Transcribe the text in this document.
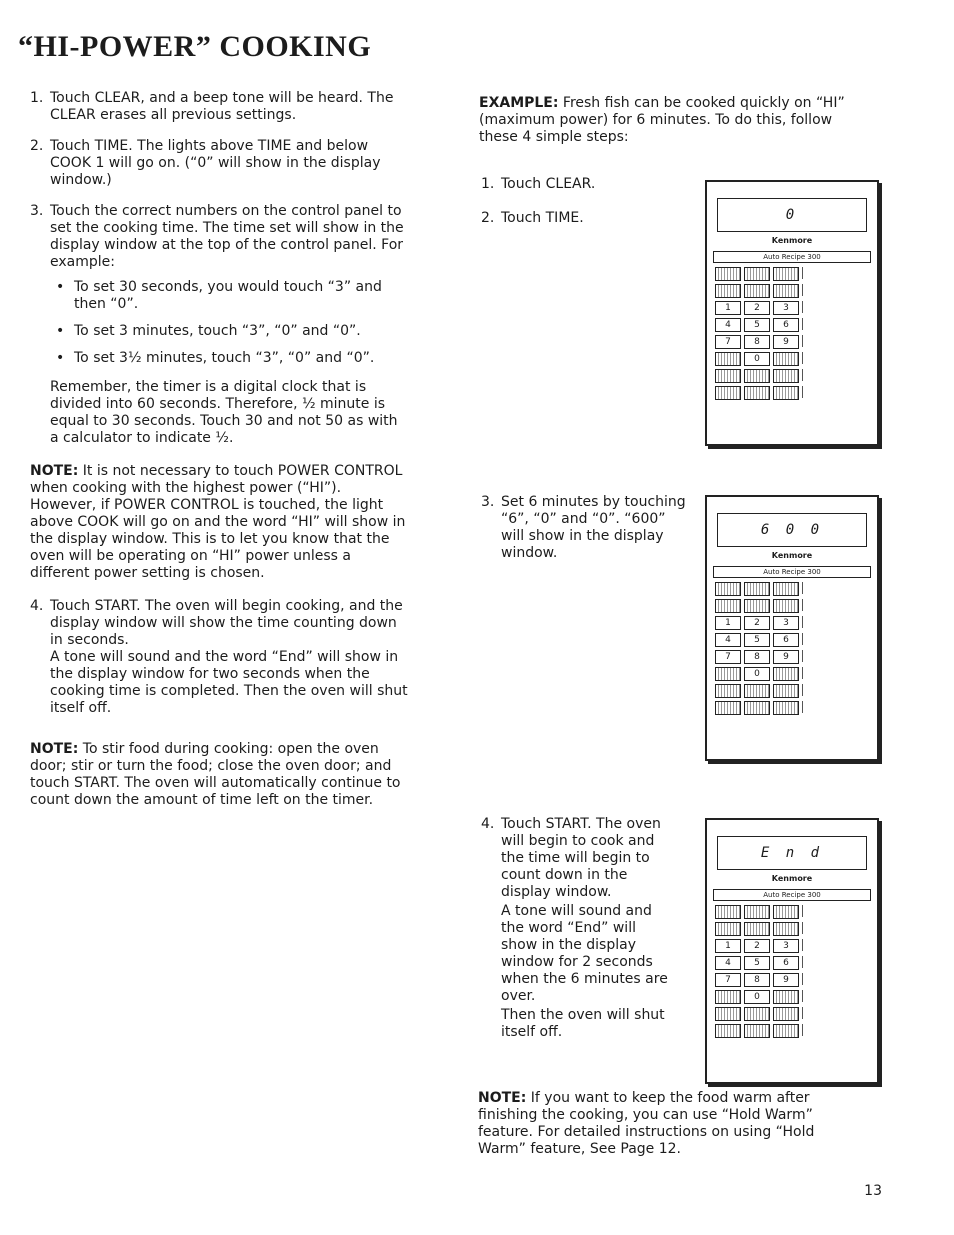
“HI-POWER” COOKING

1. Touch CLEAR, and a beep tone will be heard. The CLEAR erases all previous settings.

2. Touch TIME. The lights above TIME and below COOK 1 will go on. (“0” will show in the display window.)

3. Touch the correct numbers on the control panel to set the cooking time. The time set will show in the display window at the top of the control panel. For example:

• To set 30 seconds, you would touch “3” and then “0”.
• To set 3 minutes, touch “3”, “0” and “0”.
• To set 3½ minutes, touch “3”, “0” and “0”.

Remember, the timer is a digital clock that is divided into 60 seconds. Therefore, ½ minute is equal to 30 seconds. Touch 30 and not 50 as with a calculator to indicate ½.

NOTE: It is not necessary to touch POWER CONTROL when cooking with the highest power (“HI”). However, if POWER CONTROL is touched, the light above COOK will go on and the word “HI” will show in the display window. This is to let you know that the oven will be operating on “HI” power unless a different power setting is chosen.

4. Touch START. The oven will begin cooking, and the display window will show the time counting down in seconds.

A tone will sound and the word “End” will show in the display window for two seconds when the cooking time is completed. Then the oven will shut itself off.

NOTE: To stir food during cooking: open the oven door; stir or turn the food; close the oven door; and touch START. The oven will automatically continue to count down the amount of time left on the timer.

EXAMPLE: Fresh fish can be cooked quickly on “HI” (maximum power) for 6 minutes. To do this, follow these 4 simple steps:

1. Touch CLEAR.

2. Touch TIME.

3. Set 6 minutes by touching “6”, “0” and “0”. “600” will show in the display window.

4. Touch START. The oven will begin to cook and the time will begin to count down in the display window.
A tone will sound and the word “End” will show in the display window for 2 seconds when the 6 minutes are over.
Then the oven will shut itself off.

NOTE: If you want to keep the food warm after finishing the cooking, you can use “Hold Warm” feature. For detailed instructions on using “Hold Warm” feature, See Page 12.

0
Kenmore
Auto Recipe 300
1	2	3
4	5	6
7	8	9
0
6 0 0
Kenmore
Auto Recipe 300
1	2	3
4	5	6
7	8	9
0
E n d
Kenmore
Auto Recipe 300
1	2	3
4	5	6
7	8	9
0
13
